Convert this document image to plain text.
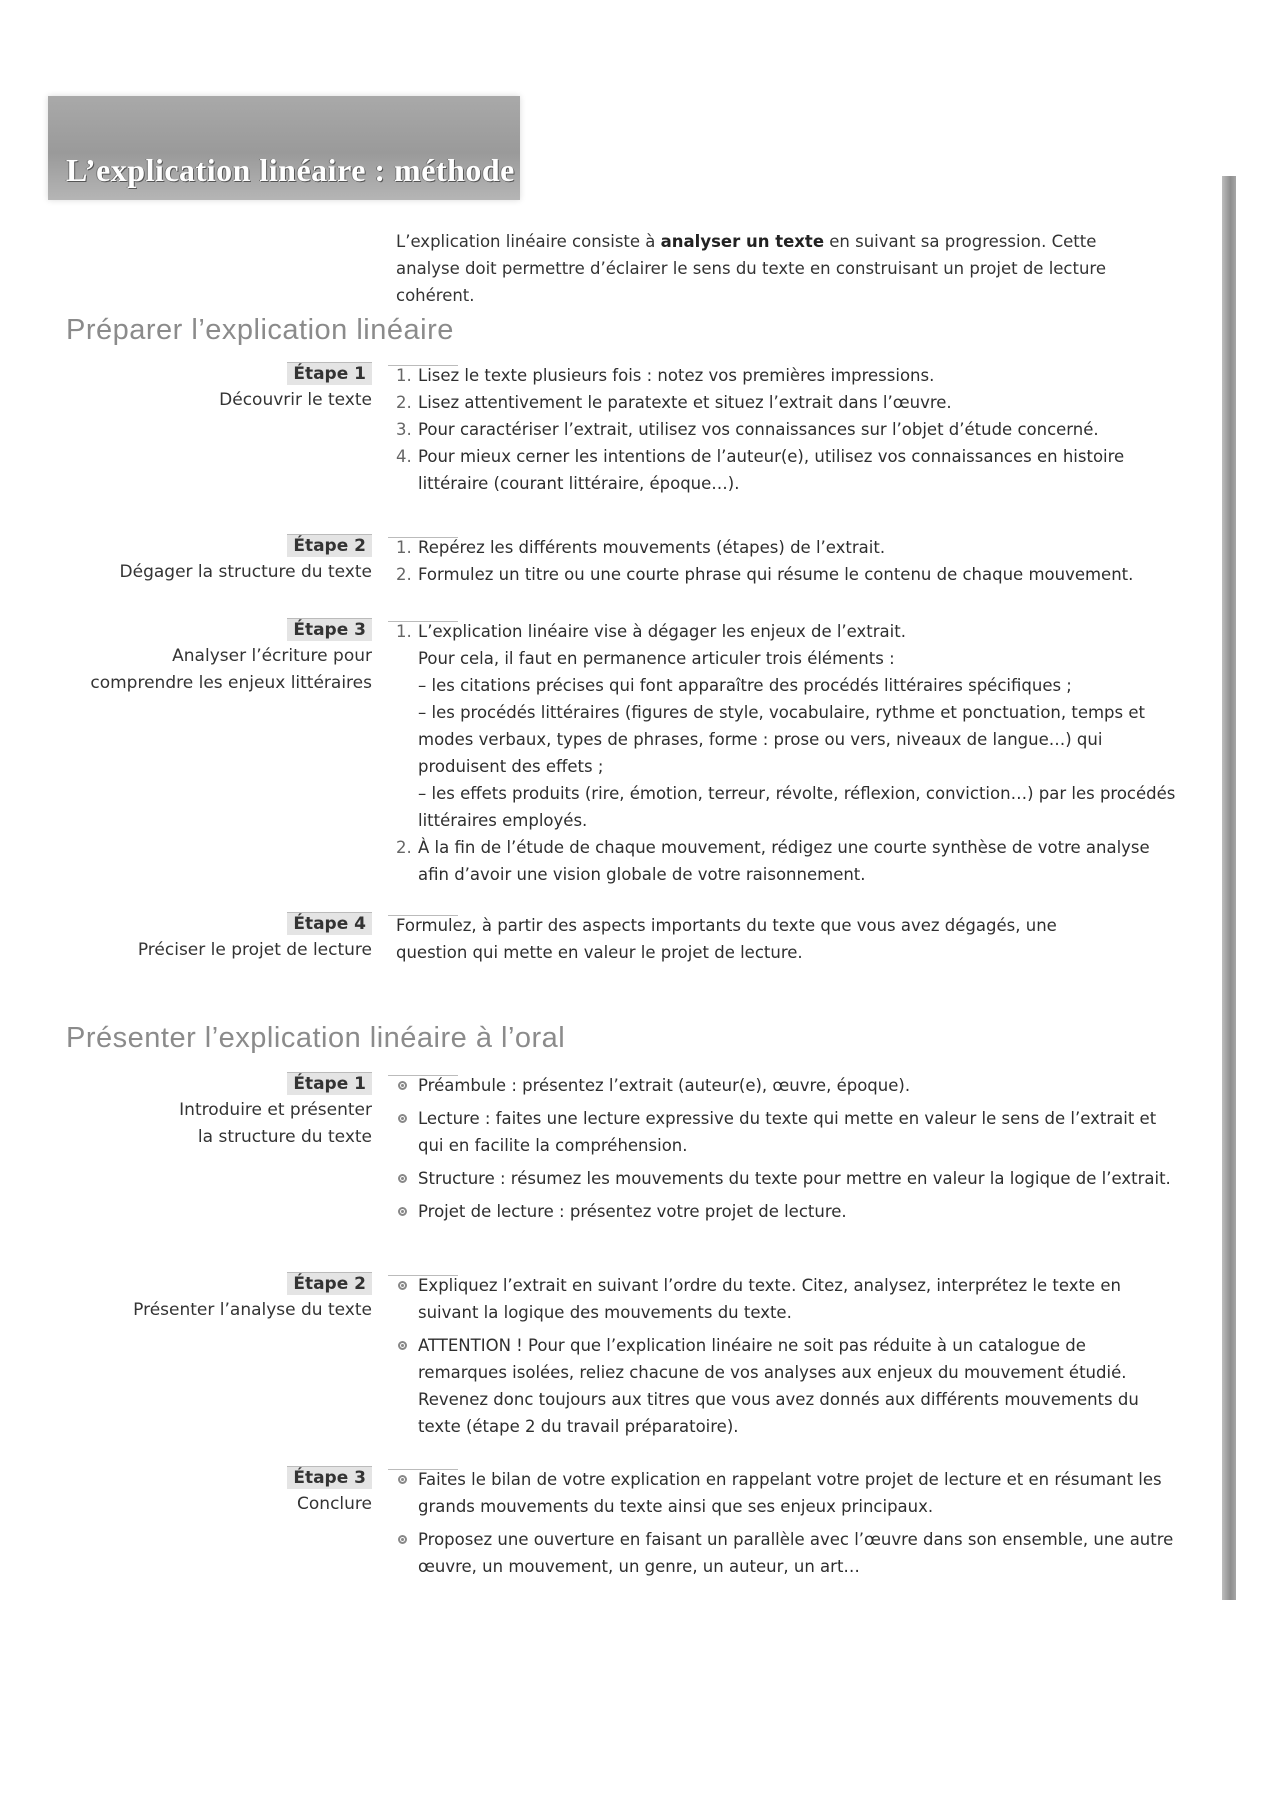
L’explication linéaire : méthode
L’explication linéaire consiste à analyser un texte en suivant sa progression. Cette analyse doit permettre d’éclairer le sens du texte en construisant un projet de lecture cohérent.
Préparer l’explication linéaire
Étape 1
Découvrir le texte
1. Lisez le texte plusieurs fois : notez vos premières impressions.
2. Lisez attentivement le paratexte et situez l’extrait dans l’œuvre.
3. Pour caractériser l’extrait, utilisez vos connaissances sur l’objet d’étude concerné.
4. Pour mieux cerner les intentions de l’auteur(e), utilisez vos connaissances en histoire littéraire (courant littéraire, époque…).
Étape 2
Dégager la structure du texte
1. Repérez les différents mouvements (étapes) de l’extrait.
2. Formulez un titre ou une courte phrase qui résume le contenu de chaque mouvement.
Étape 3
Analyser l’écriture pour
comprendre les enjeux littéraires
1. L’explication linéaire vise à dégager les enjeux de l’extrait.
Pour cela, il faut en permanence articuler trois éléments :
– les citations précises qui font apparaître des procédés littéraires spécifiques ;
– les procédés littéraires (figures de style, vocabulaire, rythme et ponctuation, temps et modes verbaux, types de phrases, forme : prose ou vers, niveaux de langue…) qui produisent des effets ;
– les effets produits (rire, émotion, terreur, révolte, réflexion, conviction…) par les procédés littéraires employés.
2. À la fin de l’étude de chaque mouvement, rédigez une courte synthèse de votre analyse afin d’avoir une vision globale de votre raisonnement.
Étape 4
Préciser le projet de lecture
Formulez, à partir des aspects importants du texte que vous avez dégagés, une question qui mette en valeur le projet de lecture.
Présenter l’explication linéaire à l’oral
Étape 1
Introduire et présenter
la structure du texte
Préambule : présentez l’extrait (auteur(e), œuvre, époque).
Lecture : faites une lecture expressive du texte qui mette en valeur le sens de l’extrait et qui en facilite la compréhension.
Structure : résumez les mouvements du texte pour mettre en valeur la logique de l’extrait.
Projet de lecture : présentez votre projet de lecture.
Étape 2
Présenter l’analyse du texte
Expliquez l’extrait en suivant l’ordre du texte. Citez, analysez, interprétez le texte en suivant la logique des mouvements du texte.
ATTENTION ! Pour que l’explication linéaire ne soit pas réduite à un catalogue de remarques isolées, reliez chacune de vos analyses aux enjeux du mouvement étudié. Revenez donc toujours aux titres que vous avez donnés aux différents mouvements du texte (étape 2 du travail préparatoire).
Étape 3
Conclure
Faites le bilan de votre explication en rappelant votre projet de lecture et en résumant les grands mouvements du texte ainsi que ses enjeux principaux.
Proposez une ouverture en faisant un parallèle avec l’œuvre dans son ensemble, une autre œuvre, un mouvement, un genre, un auteur, un art…
